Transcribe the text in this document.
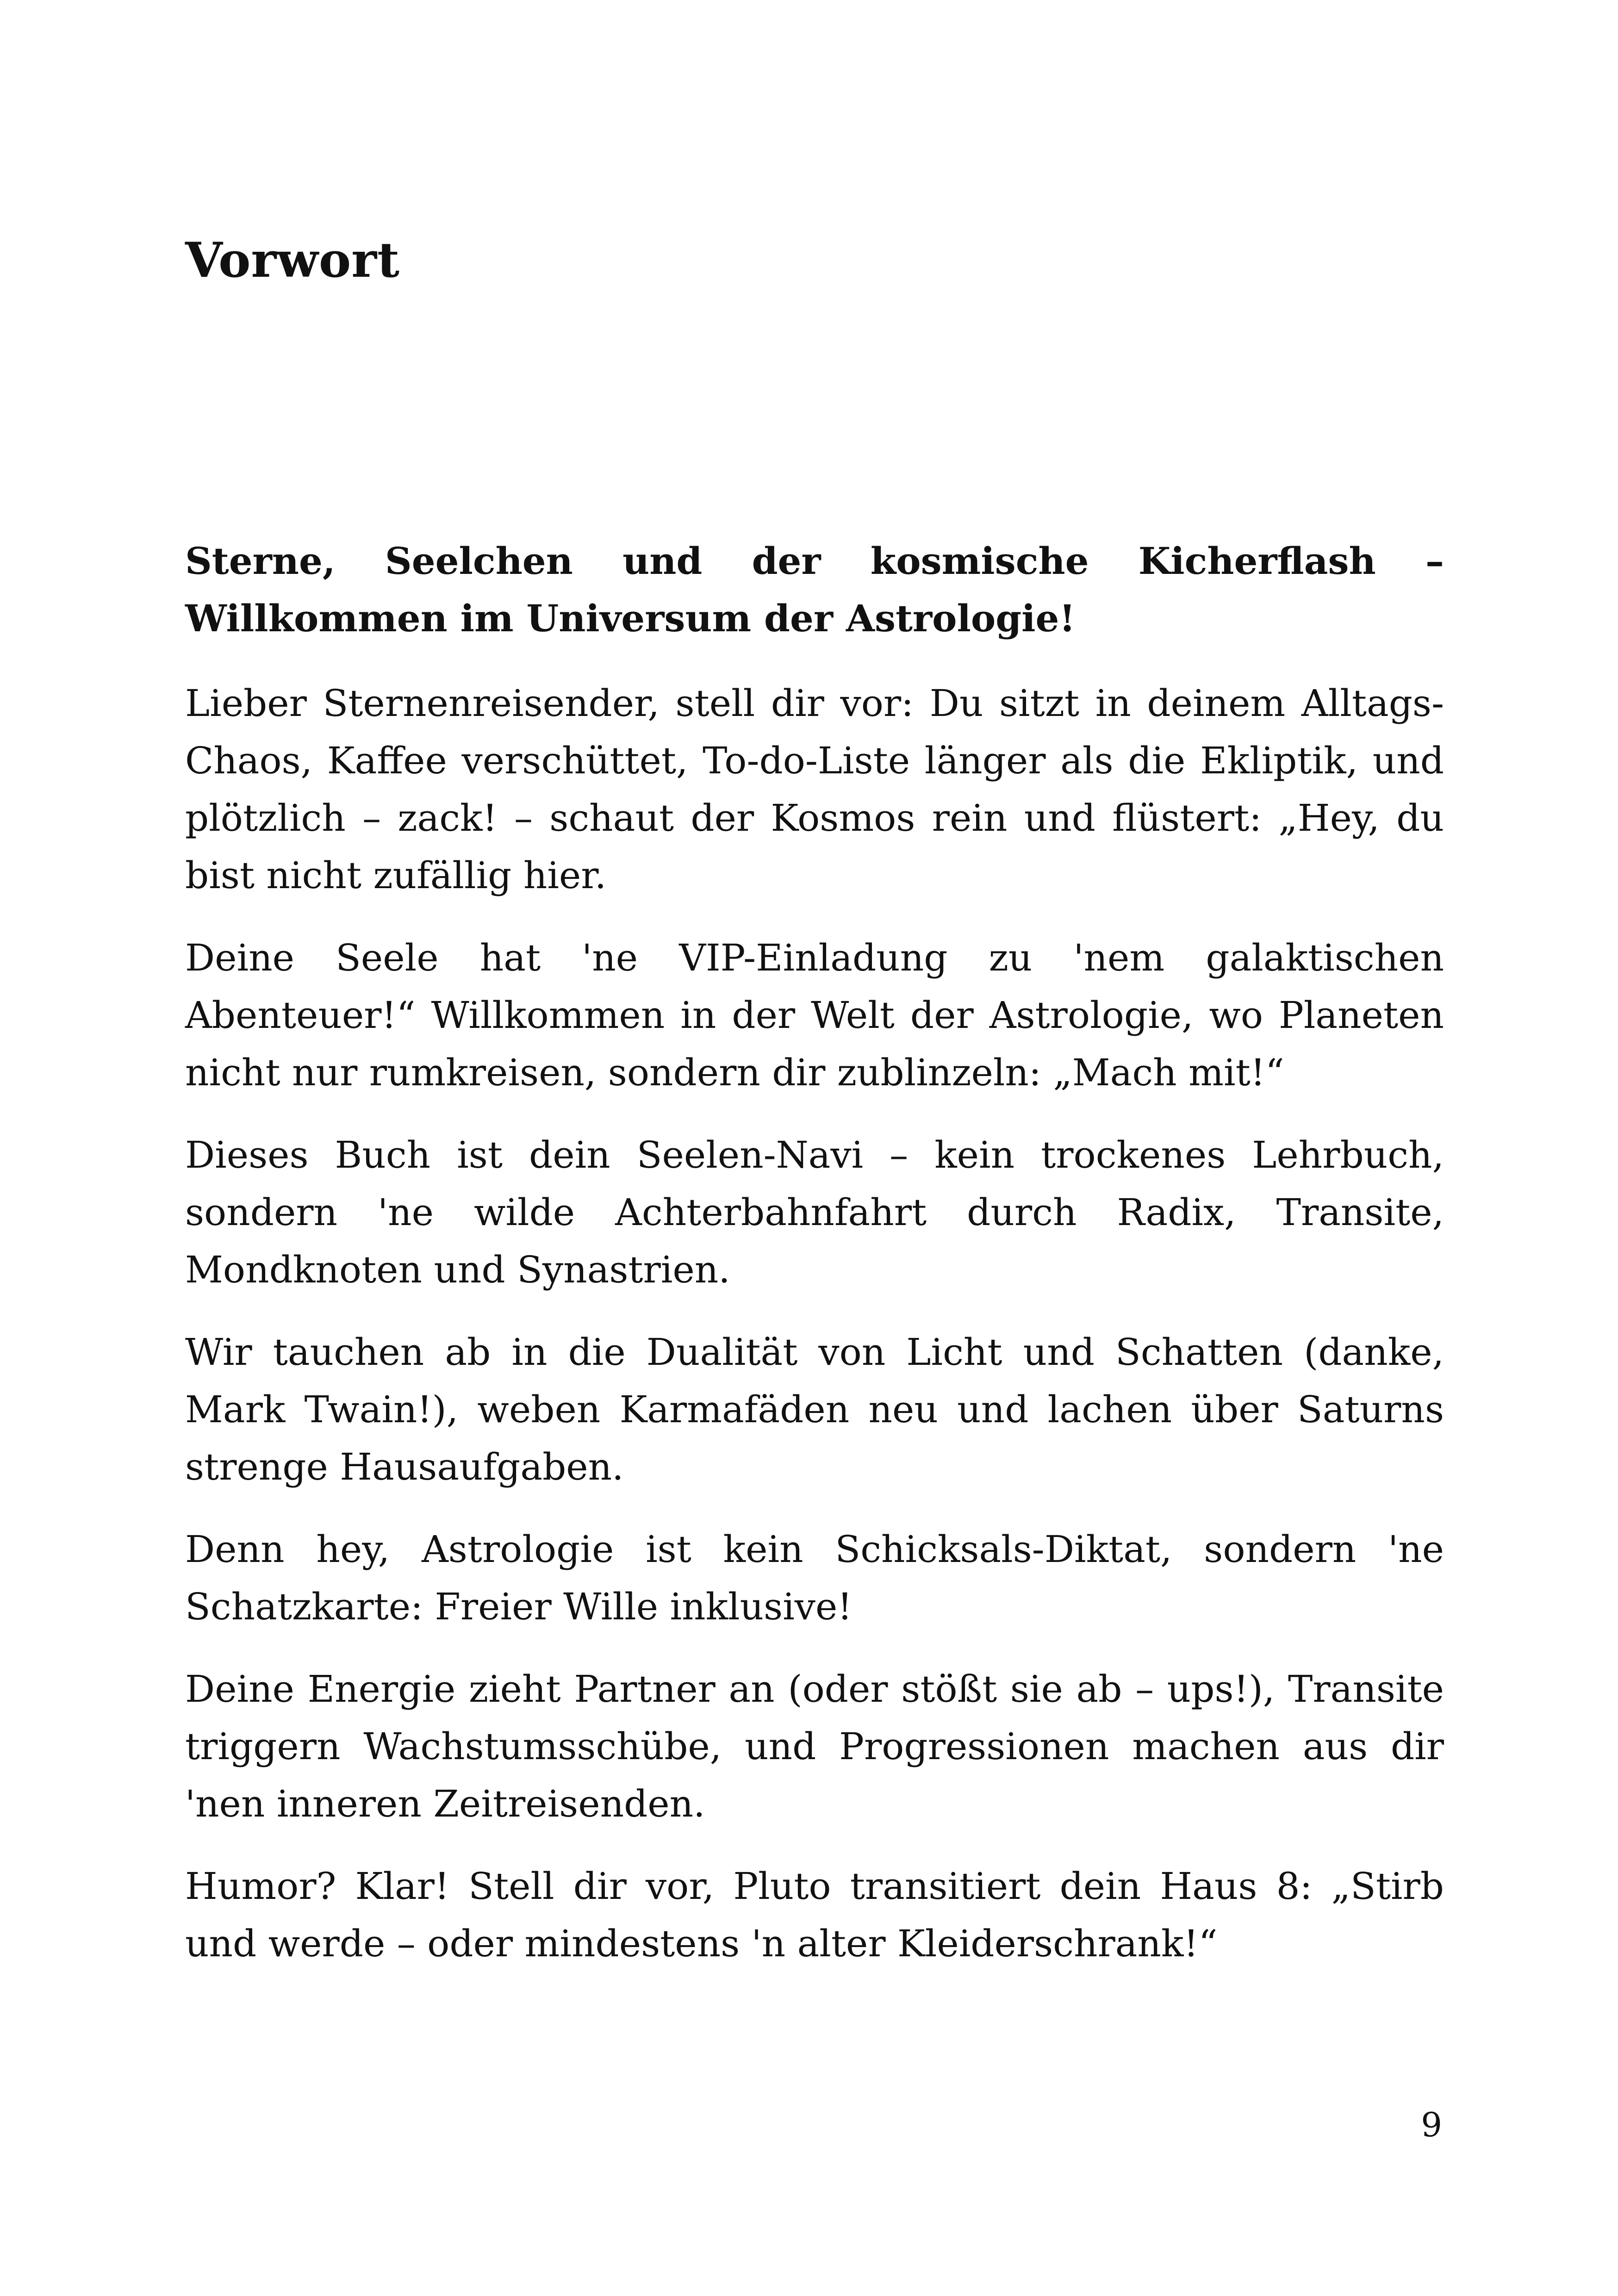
Vorwort

Sterne, Seelchen und der kosmische Kicherflash – Willkommen im Universum der Astrologie!

Lieber Sternenreisender, stell dir vor: Du sitzt in deinem Alltags-Chaos, Kaffee verschüttet, To-do-Liste länger als die Ekliptik, und plötzlich – zack! – schaut der Kosmos rein und flüstert: „Hey, du bist nicht zufällig hier.

Deine Seele hat 'ne VIP-Einladung zu 'nem galaktischen Abenteuer!“ Willkommen in der Welt der Astrologie, wo Planeten nicht nur rumkreisen, sondern dir zublinzeln: „Mach mit!“

Dieses Buch ist dein Seelen-Navi – kein trockenes Lehrbuch, sondern 'ne wilde Achterbahnfahrt durch Radix, Transite, Mondknoten und Synastrien.

Wir tauchen ab in die Dualität von Licht und Schatten (danke, Mark Twain!), weben Karmafäden neu und lachen über Saturns strenge Hausaufgaben.

Denn hey, Astrologie ist kein Schicksals-Diktat, sondern 'ne Schatzkarte: Freier Wille inklusive!

Deine Energie zieht Partner an (oder stößt sie ab – ups!), Transite triggern Wachstumsschübe, und Progressionen machen aus dir 'nen inneren Zeitreisenden.

Humor? Klar! Stell dir vor, Pluto transitiert dein Haus 8: „Stirb und werde – oder mindestens 'n alter Kleiderschrank!“

9
